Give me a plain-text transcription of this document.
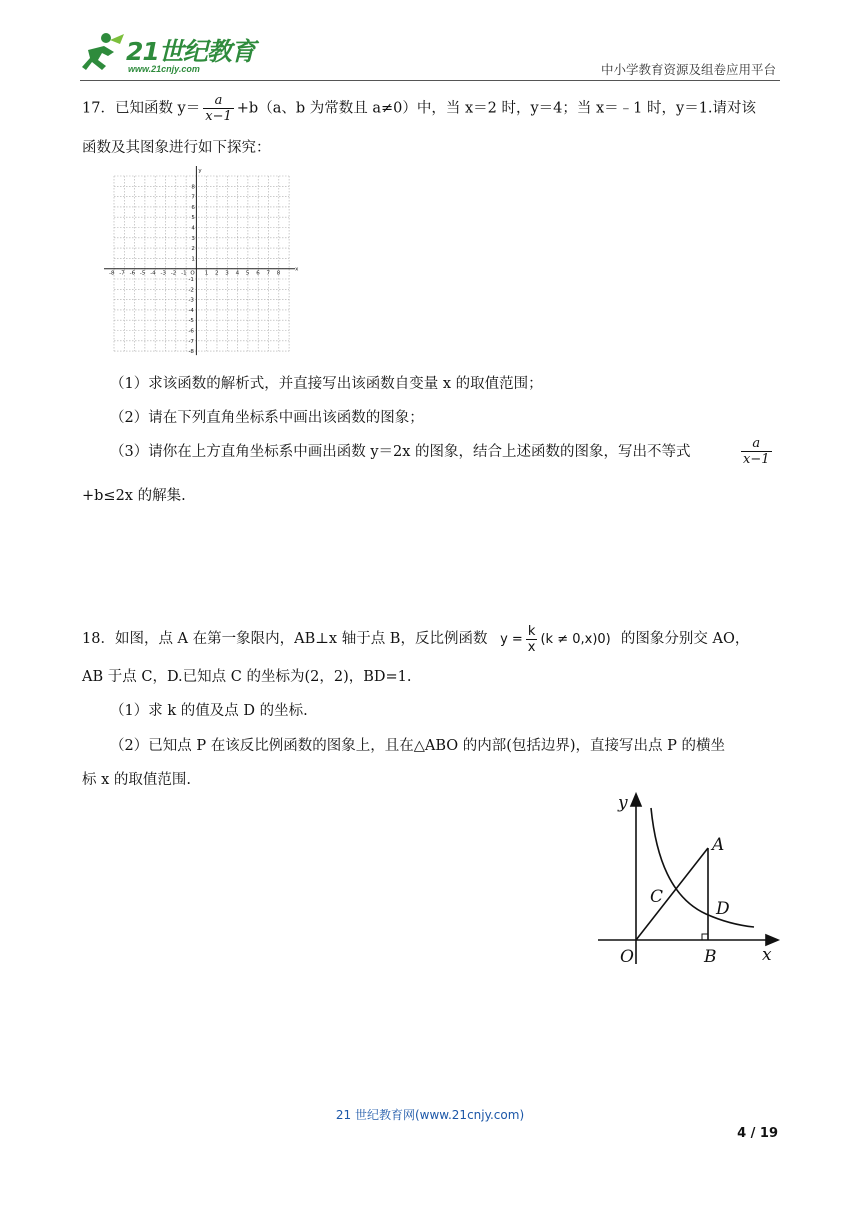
21世纪教育
www.21cnjy.com	中小学教育资源及组卷应用平台
17．已知函数 $y= \frac{a}{x-1} +b(a$、b 为常数且 a≠0）中，当 x＝2 时，y＝4；当 x＝﹣1 时，y＝1.请对该
函数及其图象进行如下探究：
-8 -7 -6 -5 -4 -3 -2 -1	1 2 3 4 5 6 7 8
8
7
6
5
4
3
2
1
-1
-2
-3
-4
-5
-6
-7
-8
x
y
O
（1）求该函数的解析式，并直接写出该函数自变量 x 的取值范围；
（2）请在下列直角坐标系中画出该函数的图象；
（3）请你在上方直角坐标系中画出函数 y＝2x 的图象，结合上述函数的图象，写出不等式	$\frac{a}{x-1}$
+b≤2x 的解集.
18．如图，点 A 在第一象限内，AB⊥x 轴于点 B，反比例函数 $y = \frac{k}{x} (k \ne 0,x)0$) 的图象分别交 AO，
AB 于点 C，D.已知点 C 的坐标为(2，2)，BD=1.
（1）求 k 的值及点 D 的坐标.
（2）已知点 P 在该反比例函数的图象上，且在△ABO 的内部(包括边界)，直接写出点 P 的横坐
标 x 的取值范围.
y
x
O
A
B
C
D
21 世纪教育网(www.21cnjy.com)
4 / 19
